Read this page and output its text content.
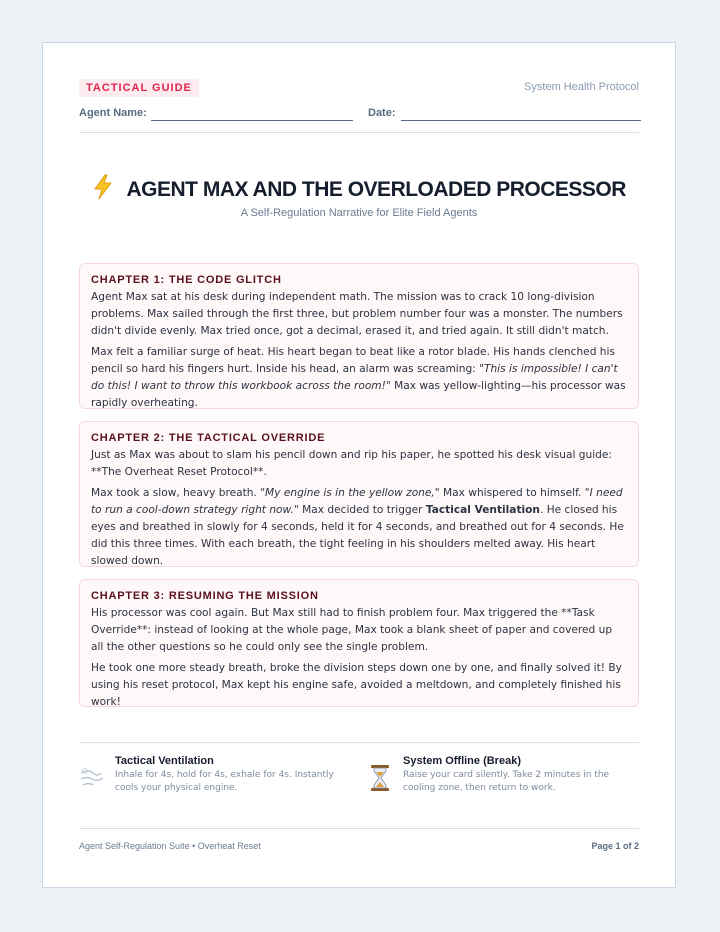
TACTICAL GUIDE	System Health Protocol
Agent Name:	Date:
AGENT MAX AND THE OVERLOADED PROCESSOR
A Self-Regulation Narrative for Elite Field Agents
CHAPTER 1: THE CODE GLITCH

Agent Max sat at his desk during independent math. The mission was to crack 10 long-division problems. Max sailed through the first three, but problem number four was a monster. The numbers didn't divide evenly. Max tried once, got a decimal, erased it, and tried again. It still didn't match.

Max felt a familiar surge of heat. His heart began to beat like a rotor blade. His hands clenched his pencil so hard his fingers hurt. Inside his head, an alarm was screaming: "This is impossible! I can't do this! I want to throw this workbook across the room!" Max was yellow-lighting—his processor was rapidly overheating.

CHAPTER 2: THE TACTICAL OVERRIDE

Just as Max was about to slam his pencil down and rip his paper, he spotted his desk visual guide: **The Overheat Reset Protocol**.

Max took a slow, heavy breath. "My engine is in the yellow zone," Max whispered to himself. "I need to run a cool-down strategy right now." Max decided to trigger Tactical Ventilation. He closed his eyes and breathed in slowly for 4 seconds, held it for 4 seconds, and breathed out for 4 seconds. He did this three times. With each breath, the tight feeling in his shoulders melted away. His heart slowed down.

CHAPTER 3: RESUMING THE MISSION

His processor was cool again. But Max still had to finish problem four. Max triggered the **Task Override**: instead of looking at the whole page, Max took a blank sheet of paper and covered up all the other questions so he could only see the single problem.

He took one more steady breath, broke the division steps down one by one, and finally solved it! By using his reset protocol, Max kept his engine safe, avoided a meltdown, and completely finished his work!

Tactical Ventilation
Inhale for 4s, hold for 4s, exhale for 4s. Instantly cools your physical engine.
System Offline (Break)
Raise your card silently. Take 2 minutes in the cooling zone, then return to work.
Agent Self-Regulation Suite • Overheat Reset	Page 1 of 2
